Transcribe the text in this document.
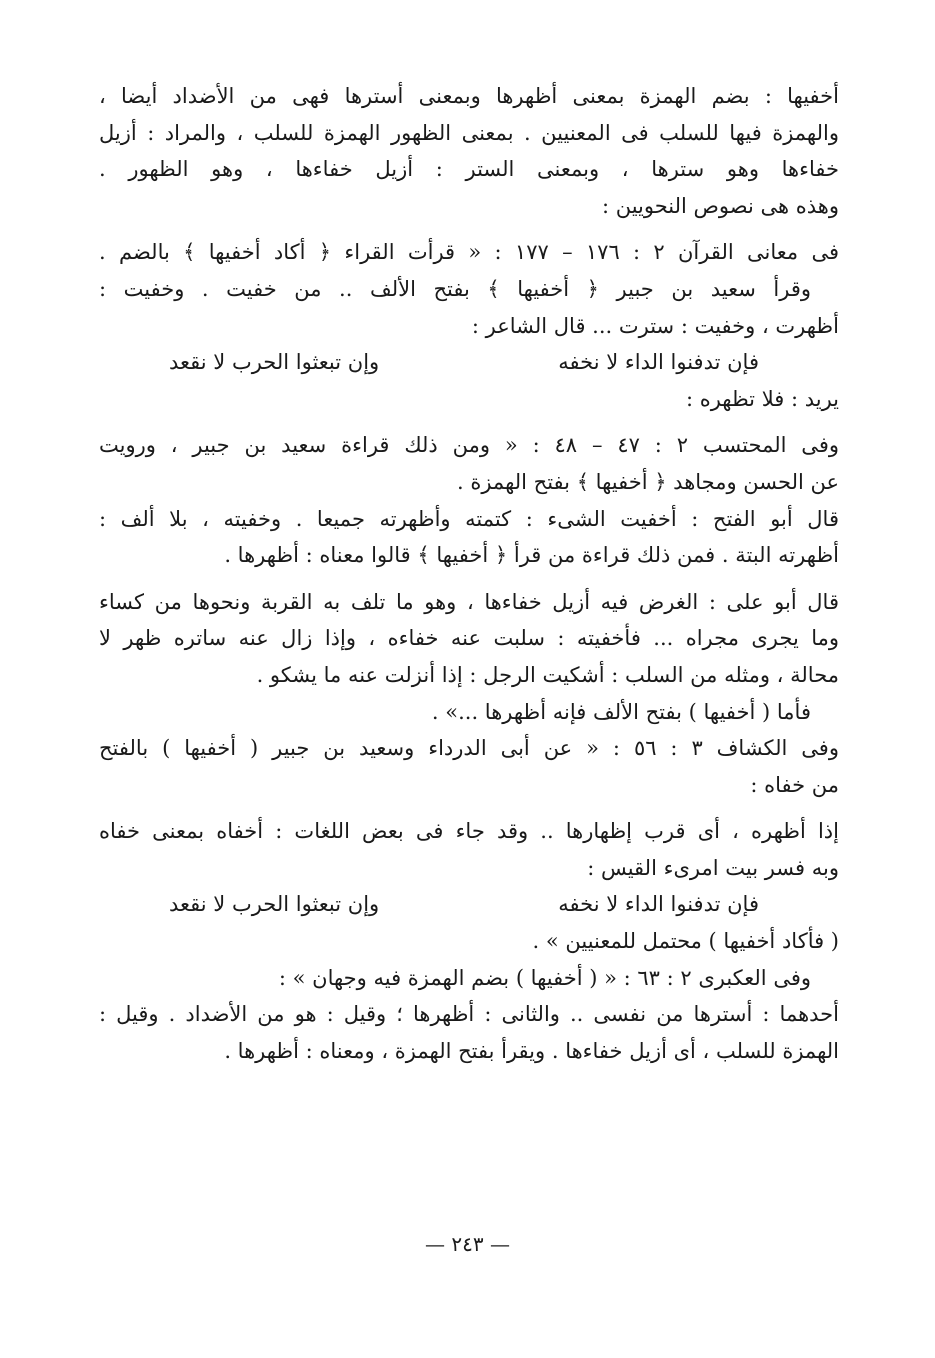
أخفيها : بضم الهمزة بمعنى أظهرها وبمعنى أسترها فهى من الأضداد أيضا ،
والهمزة فيها للسلب فى المعنيين . بمعنى الظهور الهمزة للسلب ، والمراد : أزيل
خفاءها وهو سترها ، وبمعنى الستر : أزيل خفاءها ، وهو الظهور .
وهذه هى نصوص النحويين :
فى معانى القرآن ٢ : ١٧٦ – ١٧٧ : « قرأت القراء ﴿ أكاد أخفيها ﴾ بالضم .
وقرأ سعيد بن جبير ﴿ أخفيها ﴾ بفتح الألف .. من خفيت . وخفيت :
أظهرت ، وخفيت : سترت ... قال الشاعر :
فإن تدفنوا الداء لا نخفه
وإن تبعثوا الحرب لا نقعد
يريد : فلا تظهره :
وفى المحتسب ٢ : ٤٧ – ٤٨ : « ومن ذلك قراءة سعيد بن جبير ، ورويت
عن الحسن ومجاهد ﴿ أخفيها ﴾ بفتح الهمزة .
قال أبو الفتح : أخفيت الشىء : كتمته وأظهرته جميعا . وخفيته ، بلا ألف :
أظهرته البتة . فمن ذلك قراءة من قرأ ﴿ أخفيها ﴾ قالوا معناه : أظهرها .
قال أبو على : الغرض فيه أزيل خفاءها ، وهو ما تلف به القربة ونحوها من كساء
وما يجرى مجراه ... فأخفيته : سلبت عنه خفاءه ، وإذا زال عنه ساتره ظهر لا
محالة ، ومثله من السلب : أشكيت الرجل : إذا أنزلت عنه ما يشكو .
فأما ( أخفيها ) بفتح الألف فإنه أظهرها ...» .
وفى الكشاف ٣ : ٥٦ : « عن أبى الدرداء وسعيد بن جبير ( أخفيها ) بالفتح
من خفاه :
إذا أظهره ، أى قرب إظهارها .. وقد جاء فى بعض اللغات : أخفاه بمعنى خفاه
وبه فسر بيت امرىء القيس :
فإن تدفنوا الداء لا نخفه
وإن تبعثوا الحرب لا نقعد
( فأكاد أخفيها ) محتمل للمعنيين » .
وفى العكبرى ٢ : ٦٣ : « ( أخفيها ) بضم الهمزة فيه وجهان » :
أحدهما : أسترها من نفسى .. والثانى : أظهرها ؛ وقيل : هو من الأضداد . وقيل :
الهمزة للسلب ، أى أزيل خفاءها . ويقرأ بفتح الهمزة ، ومعناه : أظهرها .
— ٢٤٣ —
